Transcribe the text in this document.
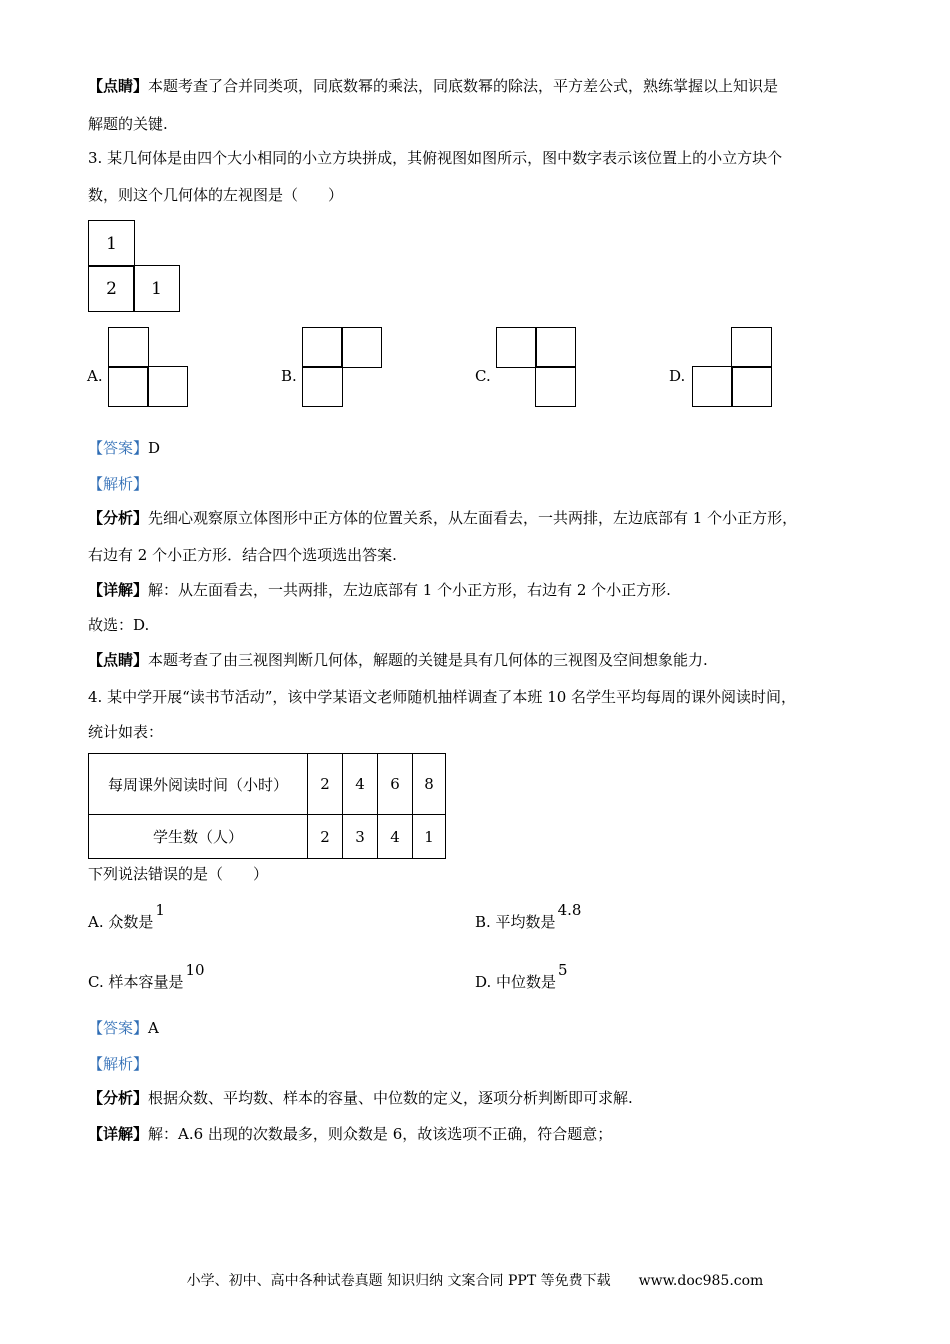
【点睛】本题考查了合并同类项，同底数幂的乘法，同底数幂的除法，平方差公式，熟练掌握以上知识是
解题的关键.
3. 某几何体是由四个大小相同的小立方块拼成，其俯视图如图所示，图中数字表示该位置上的小立方块个
数，则这个几何体的左视图是（　　）
1
2	1
A.	B.	C.	D.
【答案】D
【解析】
【分析】先细心观察原立体图形中正方体的位置关系，从左面看去，一共两排，左边底部有 1 个小正方形，
右边有 2 个小正方形．结合四个选项选出答案.
【详解】解：从左面看去，一共两排，左边底部有 1 个小正方形，右边有 2 个小正方形.
故选：D.
【点睛】本题考查了由三视图判断几何体，解题的关键是具有几何体的三视图及空间想象能力.
4. 某中学开展“读书节活动”，该中学某语文老师随机抽样调查了本班 10 名学生平均每周的课外阅读时间，
统计如表：
每周课外阅读时间（小时）	2	4	6	8
学生数（人）	2	3	4	1
下列说法错误的是（　　）
A. 众数是1
B. 平均数是4.8
C. 样本容量是10
D. 中位数是5
【答案】A
【解析】
【分析】根据众数、平均数、样本的容量、中位数的定义，逐项分析判断即可求解.
【详解】解：A.6 出现的次数最多，则众数是 6，故该选项不正确，符合题意；
小学、初中、高中各种试卷真题 知识归纳 文案合同 PPT 等免费下载　　www.doc985.com
